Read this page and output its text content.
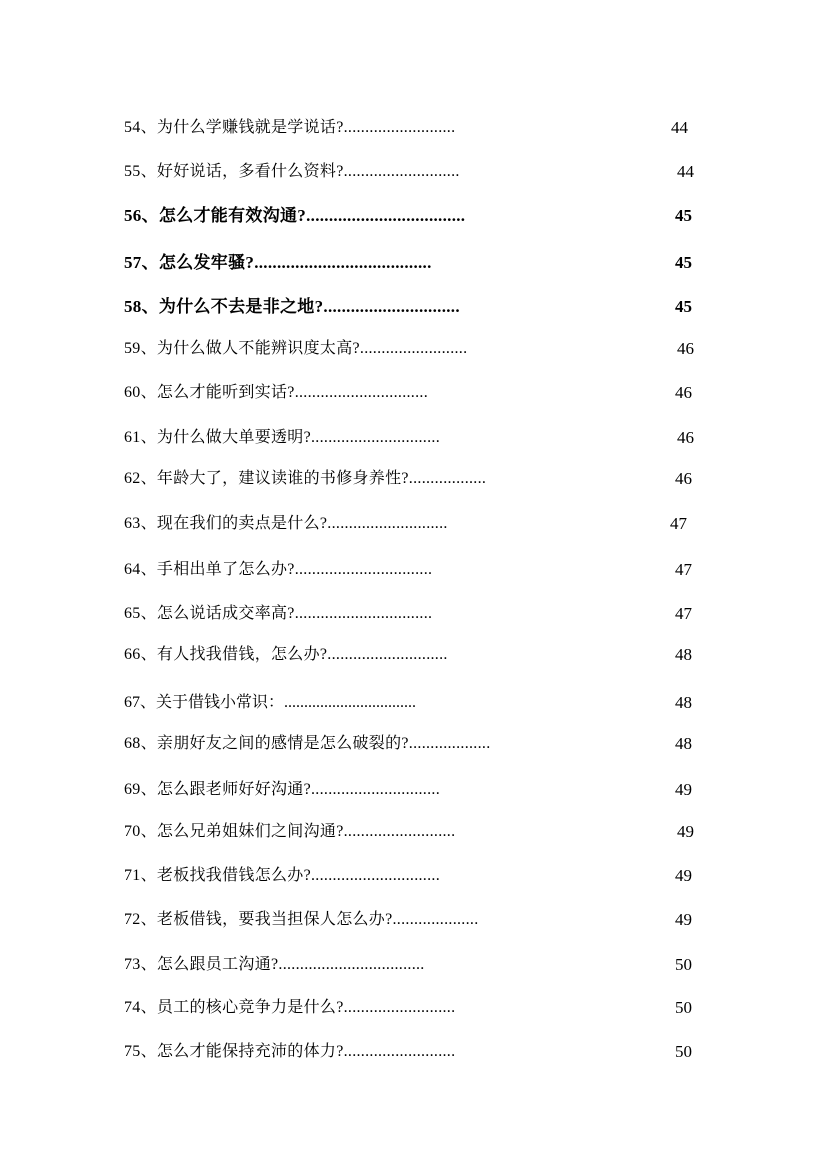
54、为什么学赚钱就是学说话?..........................	44
55、好好说话，多看什么资料?...........................	44
56、怎么才能有效沟通?...................................	45
57、怎么发牢骚?.......................................	45
58、为什么不去是非之地?..............................	45
59、为什么做人不能辨识度太高?.........................	46
60、怎么才能听到实话?...............................	46
61、为什么做大单要透明?..............................	46
62、年龄大了，建议读谁的书修身养性?..................	46
63、现在我们的卖点是什么?............................	47
64、手相出单了怎么办?................................	47
65、怎么说话成交率高?................................	47
66、有人找我借钱，怎么办?............................	48
67、关于借钱小常识：.................................	48
68、亲朋好友之间的感情是怎么破裂的?...................	48
69、怎么跟老师好好沟通?..............................	49
70、怎么兄弟姐妹们之间沟通?..........................	49
71、老板找我借钱怎么办?..............................	49
72、老板借钱，要我当担保人怎么办?....................	49
73、怎么跟员工沟通?..................................	50
74、员工的核心竞争力是什么?..........................	50
75、怎么才能保持充沛的体力?..........................	50
